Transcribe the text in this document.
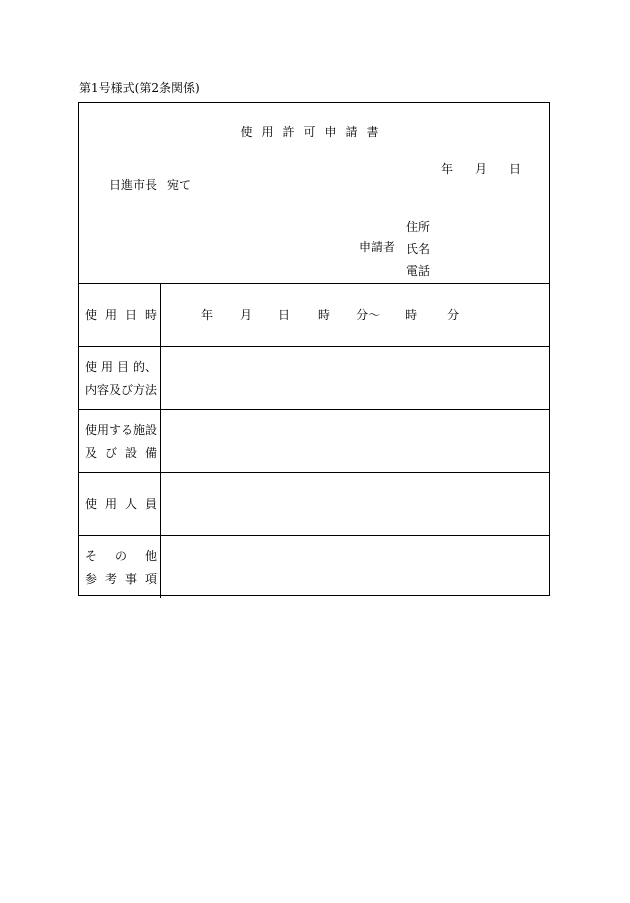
第1号様式(第2条関係)
使用許可申請書
年 月 日
日進市長 宛て
申請者
住所
氏名
電話
使 用 日 時	年 月 日 時 分〜 時	分
使 用 目 的、
内容及び方法
使用する施設
及 び 設 備
使 用 人 員
そ の 他
参 考 事 項
